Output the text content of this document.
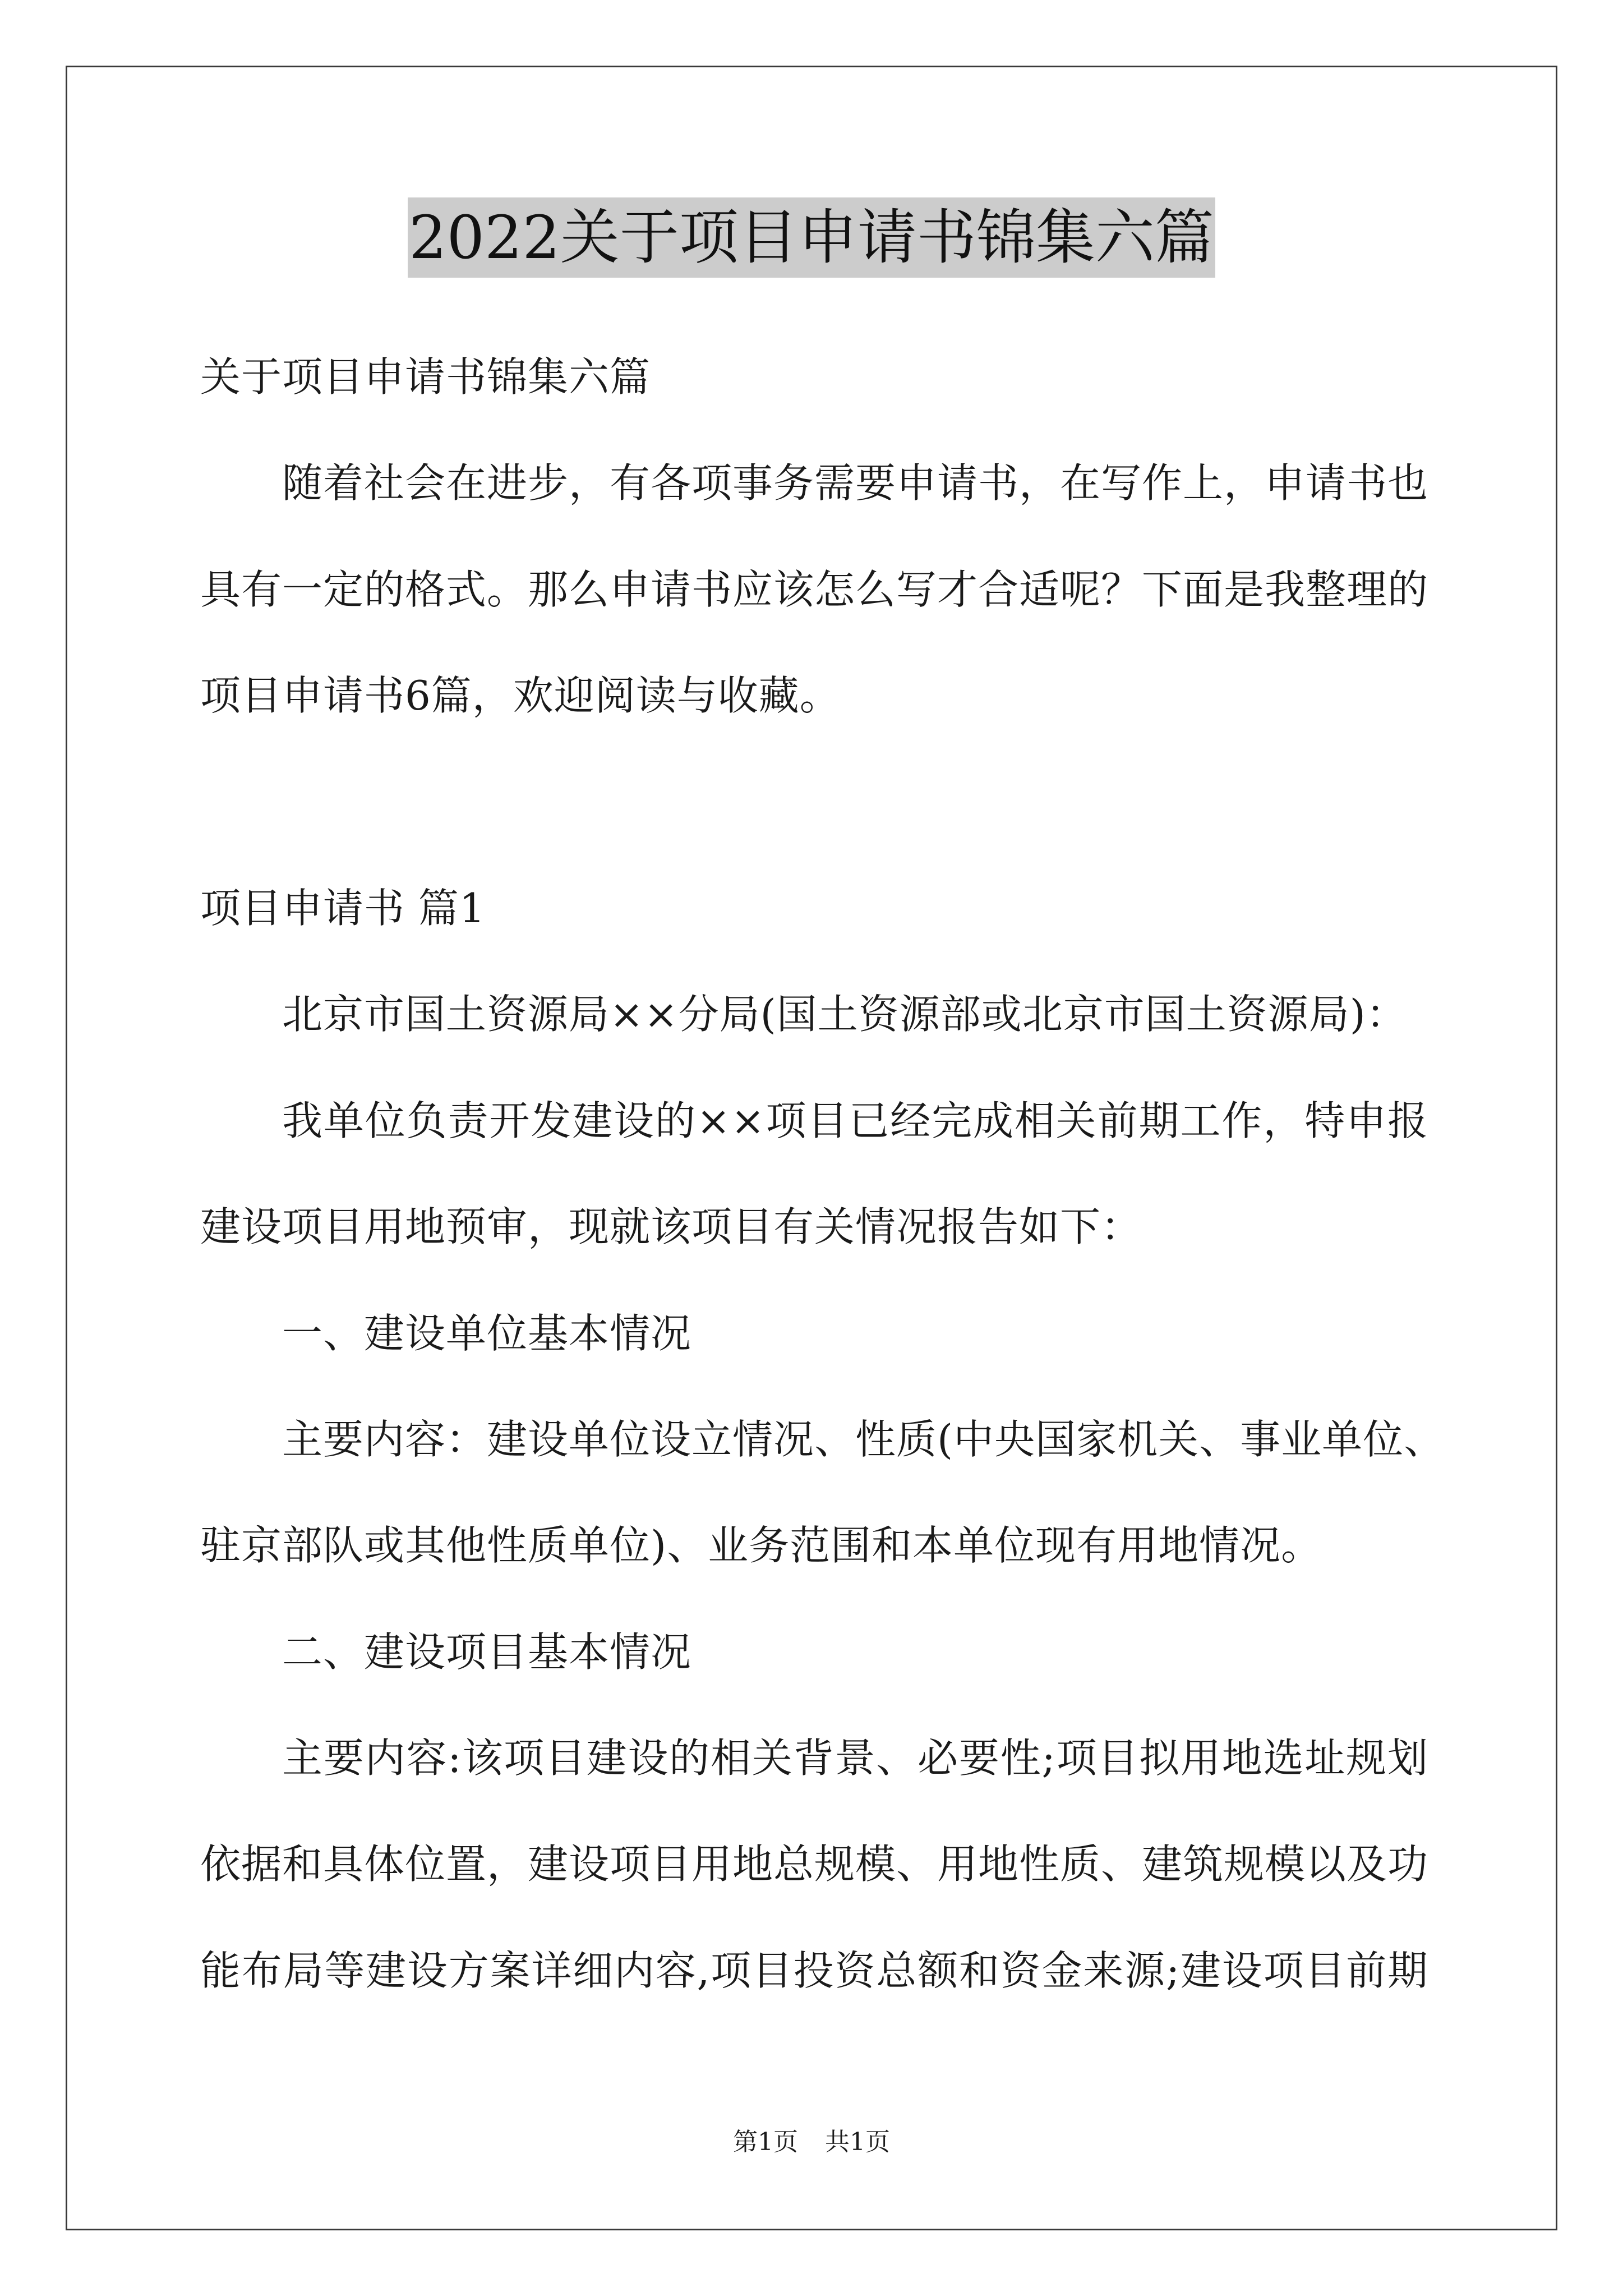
2022关于项目申请书锦集六篇
关于项目申请书锦集六篇
随着社会在进步，有各项事务需要申请书，在写作上，申请书也
具有一定的格式。那么申请书应该怎么写才合适呢？下面是我整理的
项目申请书6篇，欢迎阅读与收藏。
项目申请书 篇1
北京市国土资源局××分局(国土资源部或北京市国土资源局)：
我单位负责开发建设的××项目已经完成相关前期工作，特申报
建设项目用地预审，现就该项目有关情况报告如下：
一、建设单位基本情况
主要内容：建设单位设立情况、性质(中央国家机关、事业单位、
驻京部队或其他性质单位)、业务范围和本单位现有用地情况。
二、建设项目基本情况
主要内容:该项目建设的相关背景、必要性;项目拟用地选址规划
依据和具体位置，建设项目用地总规模、用地性质、建筑规模以及功
能布局等建设方案详细内容,项目投资总额和资金来源;建设项目前期
第1页 共1页
